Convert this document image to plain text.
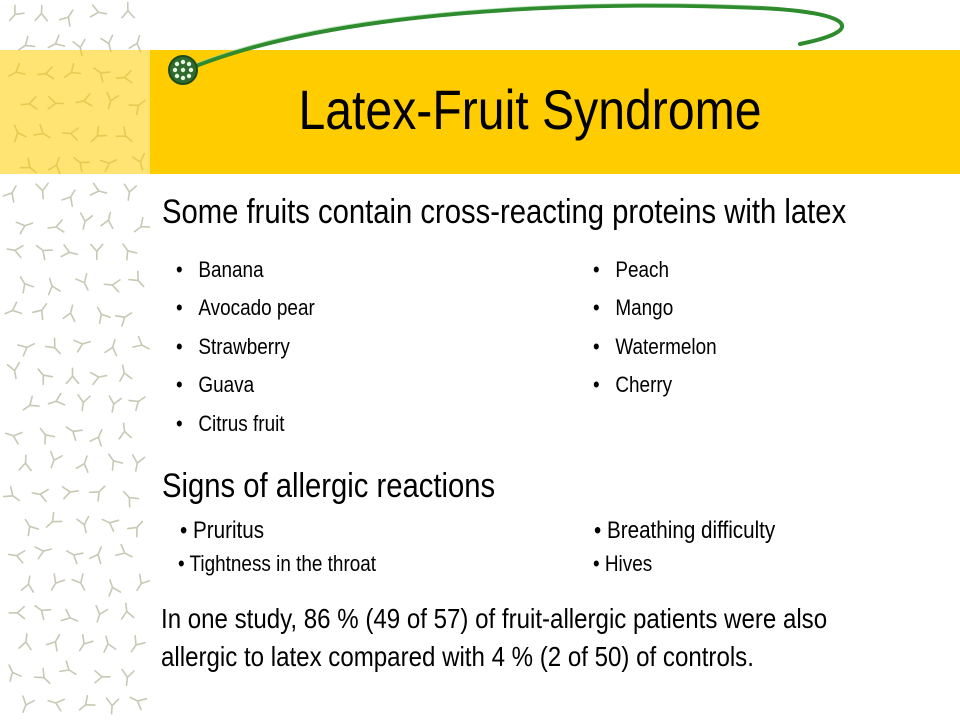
Latex-Fruit Syndrome
Some fruits contain cross-reacting proteins with latex
• Banana
• Avocado pear
• Strawberry
• Guava
• Citrus fruit
• Peach
• Mango
• Watermelon
• Cherry
Signs of allergic reactions
• Pruritus	• Breathing difficulty
• Tightness in the throat	• Hives
In one study, 86 % (49 of 57) of fruit-allergic patients were also
allergic to latex compared with 4 % (2 of 50) of controls.
